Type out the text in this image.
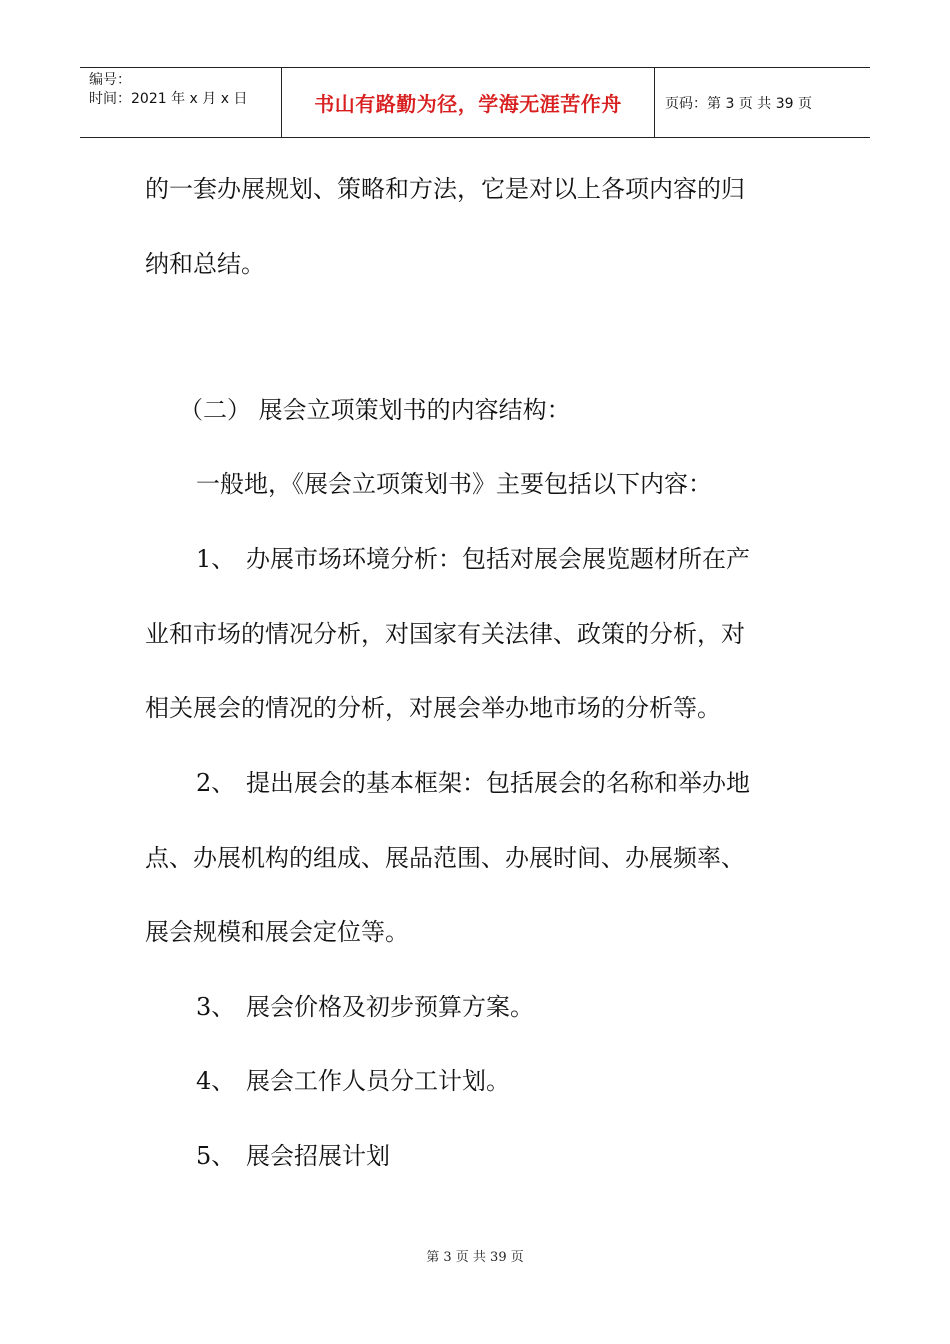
编号：
时间：2021 年 x 月 x 日	书山有路勤为径，学海无涯苦作舟	页码：第 3 页 共 39 页
的一套办展规划、策略和方法，它是对以上各项内容的归
纳和总结。
（二） 展会立项策划书的内容结构：
一般地，《展会立项策划书》主要包括以下内容：
1、 办展市场环境分析：包括对展会展览题材所在产
业和市场的情况分析，对国家有关法律、政策的分析，对
相关展会的情况的分析，对展会举办地市场的分析等。
2、 提出展会的基本框架：包括展会的名称和举办地
点、办展机构的组成、展品范围、办展时间、办展频率、
展会规模和展会定位等。
3、 展会价格及初步预算方案。
4、 展会工作人员分工计划。
5、 展会招展计划
第 3 页 共 39 页
